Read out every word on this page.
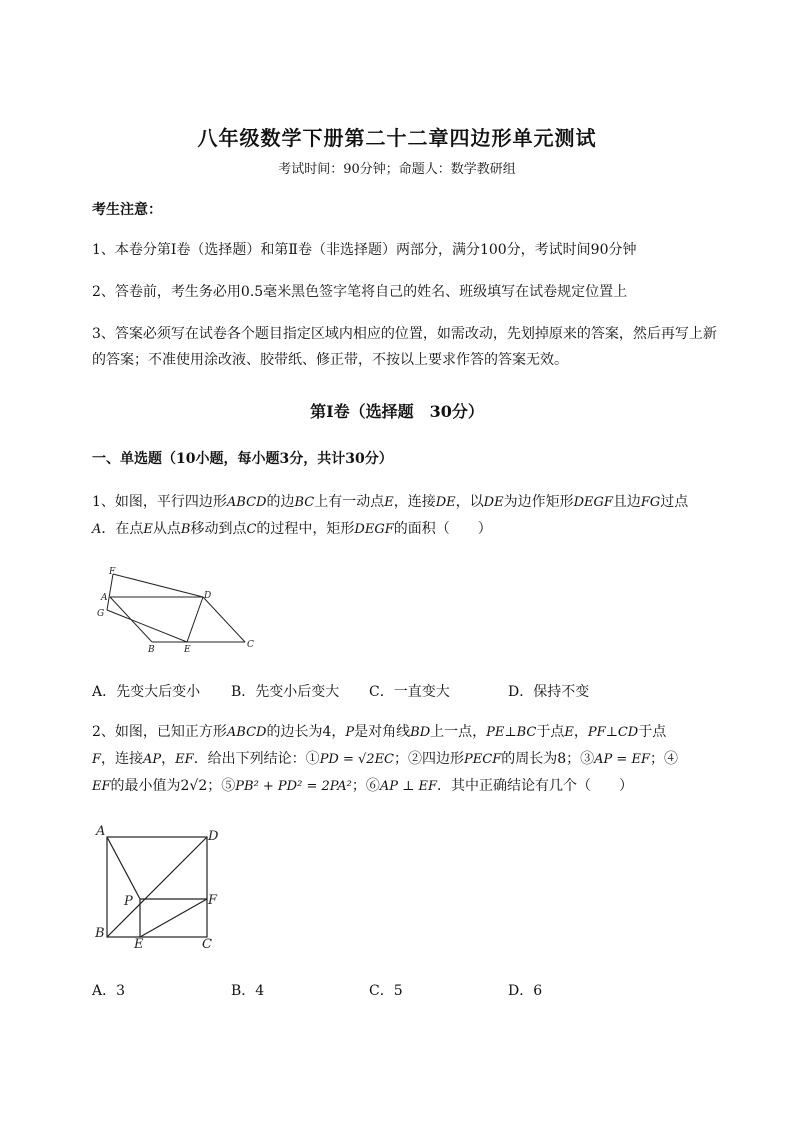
八年级数学下册第二十二章四边形单元测试
考试时间：90分钟；命题人：数学教研组
考生注意：
1、本卷分第I卷（选择题）和第Ⅱ卷（非选择题）两部分，满分100分，考试时间90分钟
2、答卷前，考生务必用0.5毫米黑色签字笔将自己的姓名、班级填写在试卷规定位置上
3、答案必须写在试卷各个题目指定区域内相应的位置，如需改动，先划掉原来的答案，然后再写上新
的答案；不准使用涂改液、胶带纸、修正带，不按以上要求作答的答案无效。
第I卷（选择题　30分）
一、单选题（10小题，每小题3分，共计30分）
1、如图，平行四边形ABCD的边BC上有一动点E，连接DE，以DE为边作矩形DEGF且边FG过点
A．在点E从点B移动到点C的过程中，矩形DEGF的面积（　　）
F
A
G
D
B	E	C
A．先变大后变小 B．先变小后变大 C．一直变大	D．保持不变
2、如图，已知正方形ABCD的边长为4，P是对角线BD上一点，PE⊥BC于点E，PF⊥CD于点
F，连接AP，EF．给出下列结论：①PD = √2EC；②四边形PECF的周长为8；③AP = EF；④
EF的最小值为2√2；⑤PB² + PD² = 2PA²；⑥AP ⊥ EF．其中正确结论有几个（　　）
A	D
P	F
B
E	C
A．3	B．4	C．5	D．6
